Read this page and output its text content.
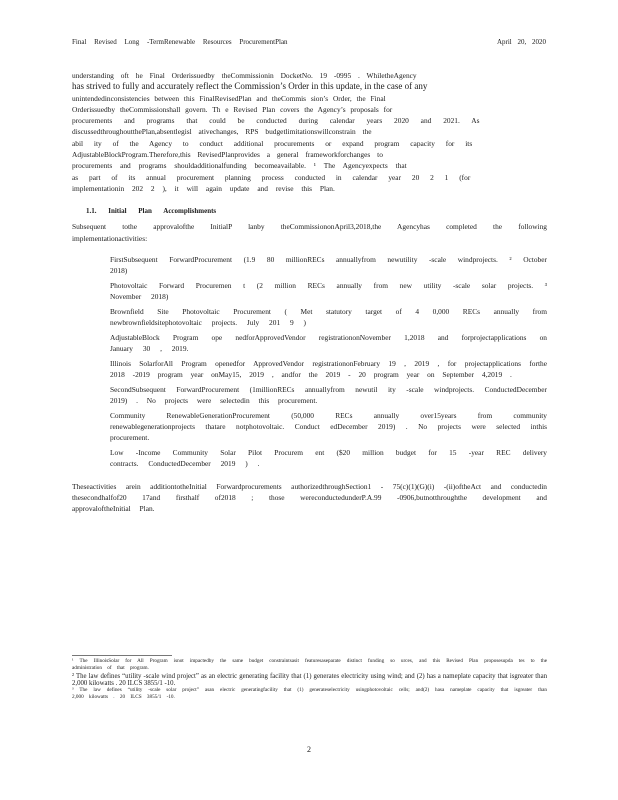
Final Revised Long -TermRenewable Resources ProcurementPlan	April 20, 2020
understanding oft he Final Orderissuedby theCommissionin DocketNo. 19 -0995 . WhiletheAgency
has strived to fully and accurately reflect the Commission’s Order in this update, in the case of any
unintendedinconsistencies between this FinalRevisedPlan and theCommis sion’s Order, the Final
Orderissuedby theCommissionshall govern. Th e Revised Plan covers the Agency’s proposals for
procurements and programs that could be conducted during calendar years 2020 and 2021. As
discussedthroughoutthePlan,absentlegisl ativechanges, RPS budgetlimitationswillconstrain the
abil ity of the Agency to conduct additional procurements or expand program capacity for its
AdjustableBlockProgram.Therefore,this RevisedPlanprovides a general frameworkforchanges to
procurements and programs shouldadditionalfunding becomeavailable. ¹ The Agencyexpects that
as part of its annual procurement planning process conducted in calendar year 20 2 1 (for
implementationin 202 2 ), it will again update and revise this Plan.
1.1. Initial Plan Accomplishments

Subsequent tothe approvalofthe InitialP lanby theCommissiononApril3,2018,the Agencyhas completed the following implementationactivities:

FirstSubsequent ForwardProcurement (1.9 80 millionRECs annuallyfrom newutility -scale windprojects. ² October 2018)
Photovoltaic Forward Procuremen t (2 million RECs annually from new utility -scale solar projects. ³ November 2018)
Brownfield Site Photovoltaic Procurement ( Met statutory target of 4 0,000 RECs annually from newbrownfieldsitephotovoltaic projects. July 201 9 )
AdjustableBlock Program ope nedforApprovedVendor registrationonNovember 1,2018 and forprojectapplications on January 30 , 2019.
Illinois SolarforAll Program openedfor ApprovedVendor registrationonFebruary 19 , 2019 , for projectapplications forthe 2018 -2019 program year onMay15, 2019 , andfor the 2019 - 20 program year on September 4,2019 .
SecondSubsequent ForwardProcurement (1millionRECs annuallyfrom newutil ity -scale windprojects. ConductedDecember 2019) . No projects were selectedin this procurement.
Community RenewableGenerationProcurement (50,000 RECs annually over15years from community renewablegenerationprojects thatare notphotovoltaic. Conduct edDecember 2019) . No projects were selected inthis procurement.
Low -Income Community Solar Pilot Procurem ent ($20 million budget for 15 -year REC delivery contracts. ConductedDecember 2019 ) .

Theseactivities arein additiontotheInitial Forwardprocurements authorizedthroughSection1 - 75(c)(1)(G)(i) -(ii)oftheAct and conductedin thesecondhalfof20 17and firsthalf of2018 ; those wereconductedunderP.A.99 -0906,butnotthroughthe development and approvaloftheInitial Plan.

¹ The IllinoisSolar for All Program isnot impactedby the same budget constraintsasit featuresaseparate distinct funding so urces, and this Revised Plan proposesupda tes to the administration of that program.
² The law defines “utility -scale wind project” as an electric generating facility that (1) generates electricity using wind; and (2) has a nameplate capacity that isgreater than 2,000 kilowatts . 20 ILCS 3855/1 -10.
³ The law defines “utility -scale solar project” asan electric generatingfacility that (1) generateselectricity usingphotovoltaic cells; and(2) hasa nameplate capacity that isgreater than 2,000 kilowatts . 20 ILCS 3855/1 -10.
2
